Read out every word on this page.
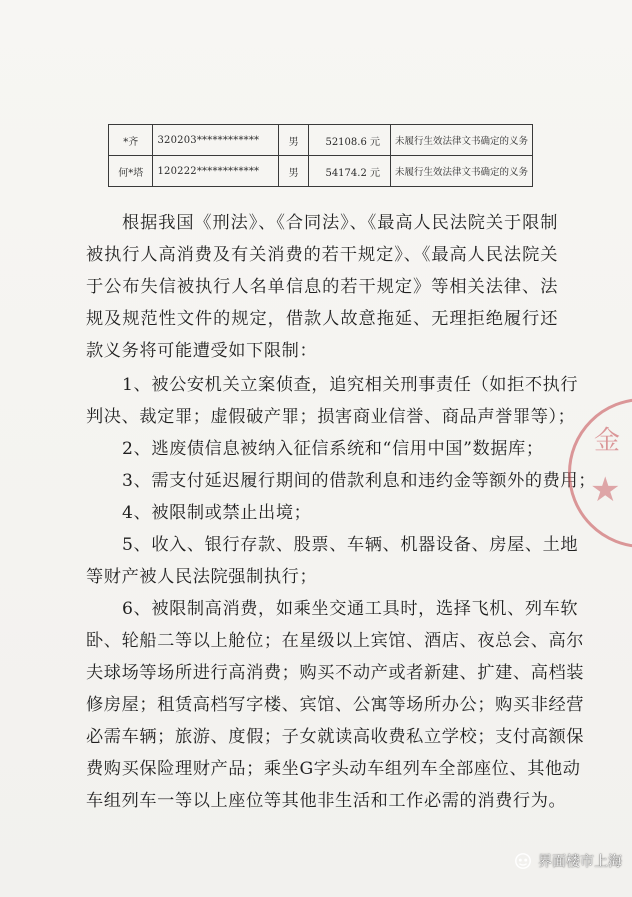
*齐	320203************	男	52108.6 元	未履行生效法律文书确定的义务
何*塔	120222************	男	54174.2 元	未履行生效法律文书确定的义务

根据我国《刑法》、《合同法》、《最高人民法院关于限制被执行人高消费及有关消费的若干规定》、《最高人民法院关于公布失信被执行人名单信息的若干规定》等相关法律、法规及规范性文件的规定，借款人故意拖延、无理拒绝履行还款义务将可能遭受如下限制：

1、被公安机关立案侦查，追究相关刑事责任（如拒不执行
判决、裁定罪；虚假破产罪；损害商业信誉、商品声誉罪等）；
2、逃废债信息被纳入征信系统和“信用中国”数据库；
3、需支付延迟履行期间的借款利息和违约金等额外的费用；
4、被限制或禁止出境；
5、收入、银行存款、股票、车辆、机器设备、房屋、土地
等财产被人民法院强制执行；
6、被限制高消费，如乘坐交通工具时，选择飞机、列车软
卧、轮船二等以上舱位；在星级以上宾馆、酒店、夜总会、高尔
夫球场等场所进行高消费；购买不动产或者新建、扩建、高档装
修房屋；租赁高档写字楼、宾馆、公寓等场所办公；购买非经营
必需车辆；旅游、度假；子女就读高收费私立学校；支付高额保
费购买保险理财产品；乘坐G字头动车组列车全部座位、其他动
车组列车一等以上座位等其他非生活和工作必需的消费行为。
金
★
界面楼市上海
